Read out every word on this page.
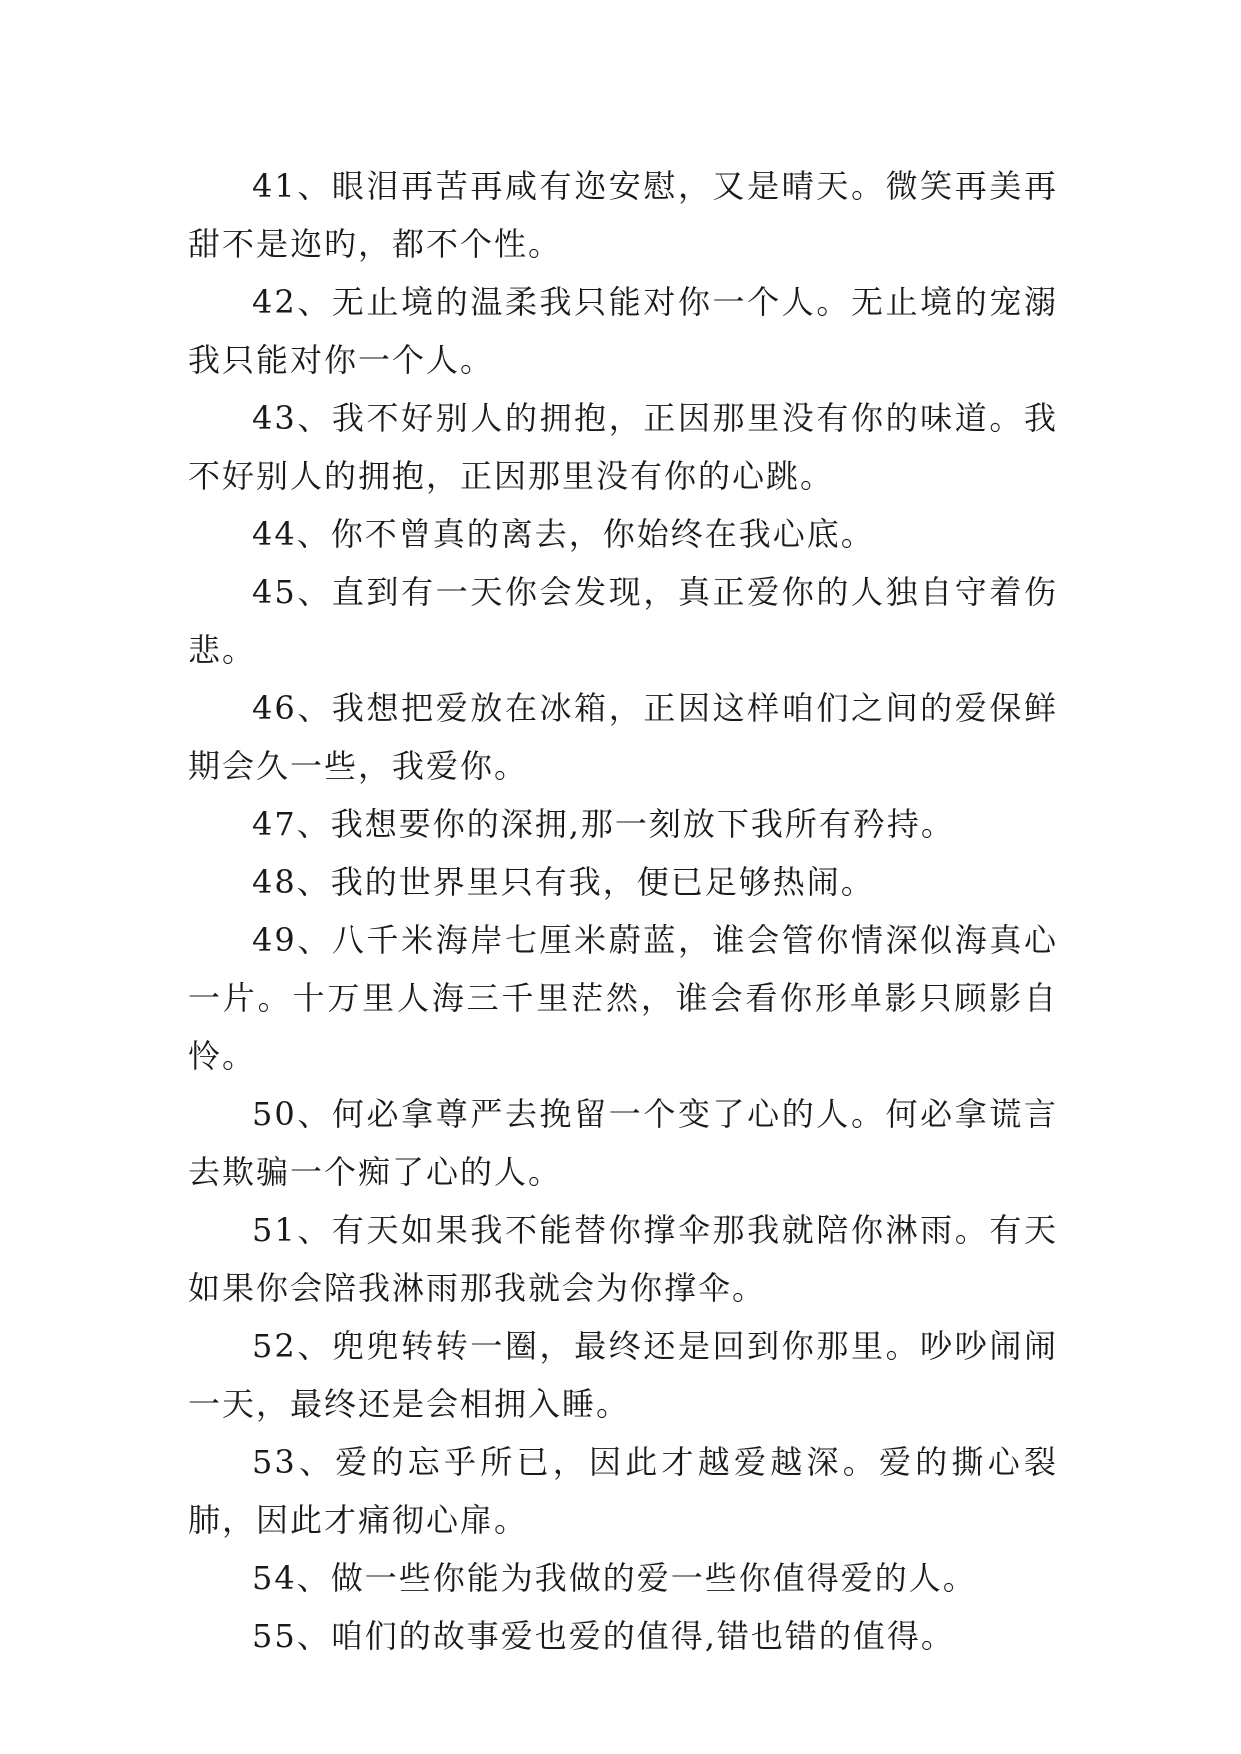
41、眼泪再苦再咸有迩安慰，又是晴天。微笑再美再甜不是迩旳，都不个性。

42、无止境的温柔我只能对你一个人。无止境的宠溺我只能对你一个人。

43、我不好别人的拥抱，正因那里没有你的味道。我不好别人的拥抱，正因那里没有你的心跳。

44、你不曾真的离去，你始终在我心底。

45、直到有一天你会发现，真正爱你的人独自守着伤悲。

46、我想把爱放在冰箱，正因这样咱们之间的爱保鲜期会久一些，我爱你。

47、我想要你的深拥,那一刻放下我所有矜持。

48、我的世界里只有我，便已足够热闹。

49、八千米海岸七厘米蔚蓝，谁会管你情深似海真心一片。十万里人海三千里茫然，谁会看你形单影只顾影自怜。

50、何必拿尊严去挽留一个变了心的人。何必拿谎言去欺骗一个痴了心的人。

51、有天如果我不能替你撑伞那我就陪你淋雨。有天如果你会陪我淋雨那我就会为你撑伞。

52、兜兜转转一圈，最终还是回到你那里。吵吵闹闹一天，最终还是会相拥入睡。

53、爱的忘乎所已，因此才越爱越深。爱的撕心裂肺，因此才痛彻心扉。

54、做一些你能为我做的爱一些你值得爱的人。

55、咱们的故事爱也爱的值得,错也错的值得。
